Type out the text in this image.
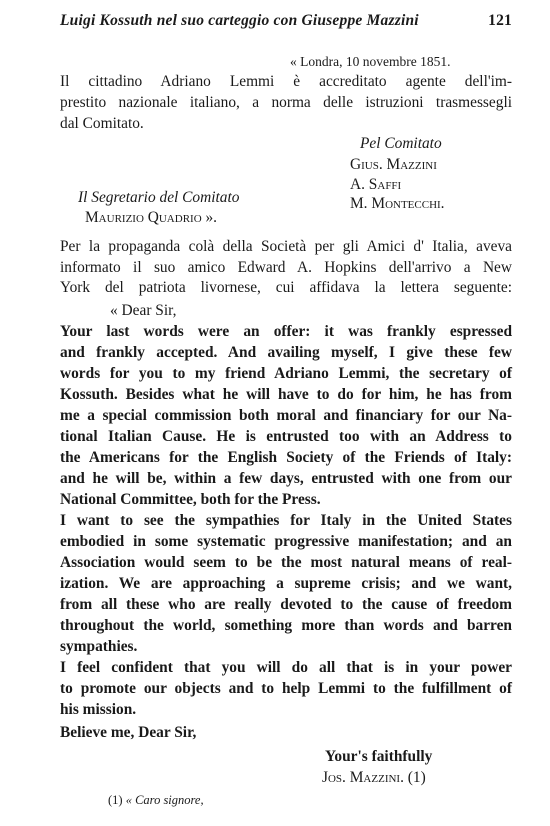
Luigi Kossuth nel suo carteggio con Giuseppe Mazzini	121
« Londra, 10 novembre 1851.
Il cittadino Adriano Lemmi è accreditato agente dell'im-
prestito nazionale italiano, a norma delle istruzioni trasmessegli
dal Comitato.
Pel Comitato
Gius. Mazzini
A. Saffi
M. Montecchi.
Il Segretario del Comitato
Maurizio Quadrio ».
Per la propaganda colà della Società per gli Amici d' Italia, aveva
informato il suo amico Edward A. Hopkins dell'arrivo a New
York del patriota livornese, cui affidava la lettera seguente:
« Dear Sir,
Your last words were an offer: it was frankly espressed
and frankly accepted. And availing myself, I give these few
words for you to my friend Adriano Lemmi, the secretary of
Kossuth. Besides what he will have to do for him, he has from
me a special commission both moral and financiary for our Na-
tional Italian Cause. He is entrusted too with an Address to
the Americans for the English Society of the Friends of Italy:
and he will be, within a few days, entrusted with one from our
National Committee, both for the Press.
I want to see the sympathies for Italy in the United States
embodied in some systematic progressive manifestation; and an
Association would seem to be the most natural means of real-
ization. We are approaching a supreme crisis; and we want,
from all these who are really devoted to the cause of freedom
throughout the world, something more than words and barren
sympathies.
I feel confident that you will do all that is in your power
to promote our objects and to help Lemmi to the fulfillment of
his mission.
Believe me, Dear Sir,
Your's faithfully
Jos. Mazzini. (1)
(1) « Caro signore,
